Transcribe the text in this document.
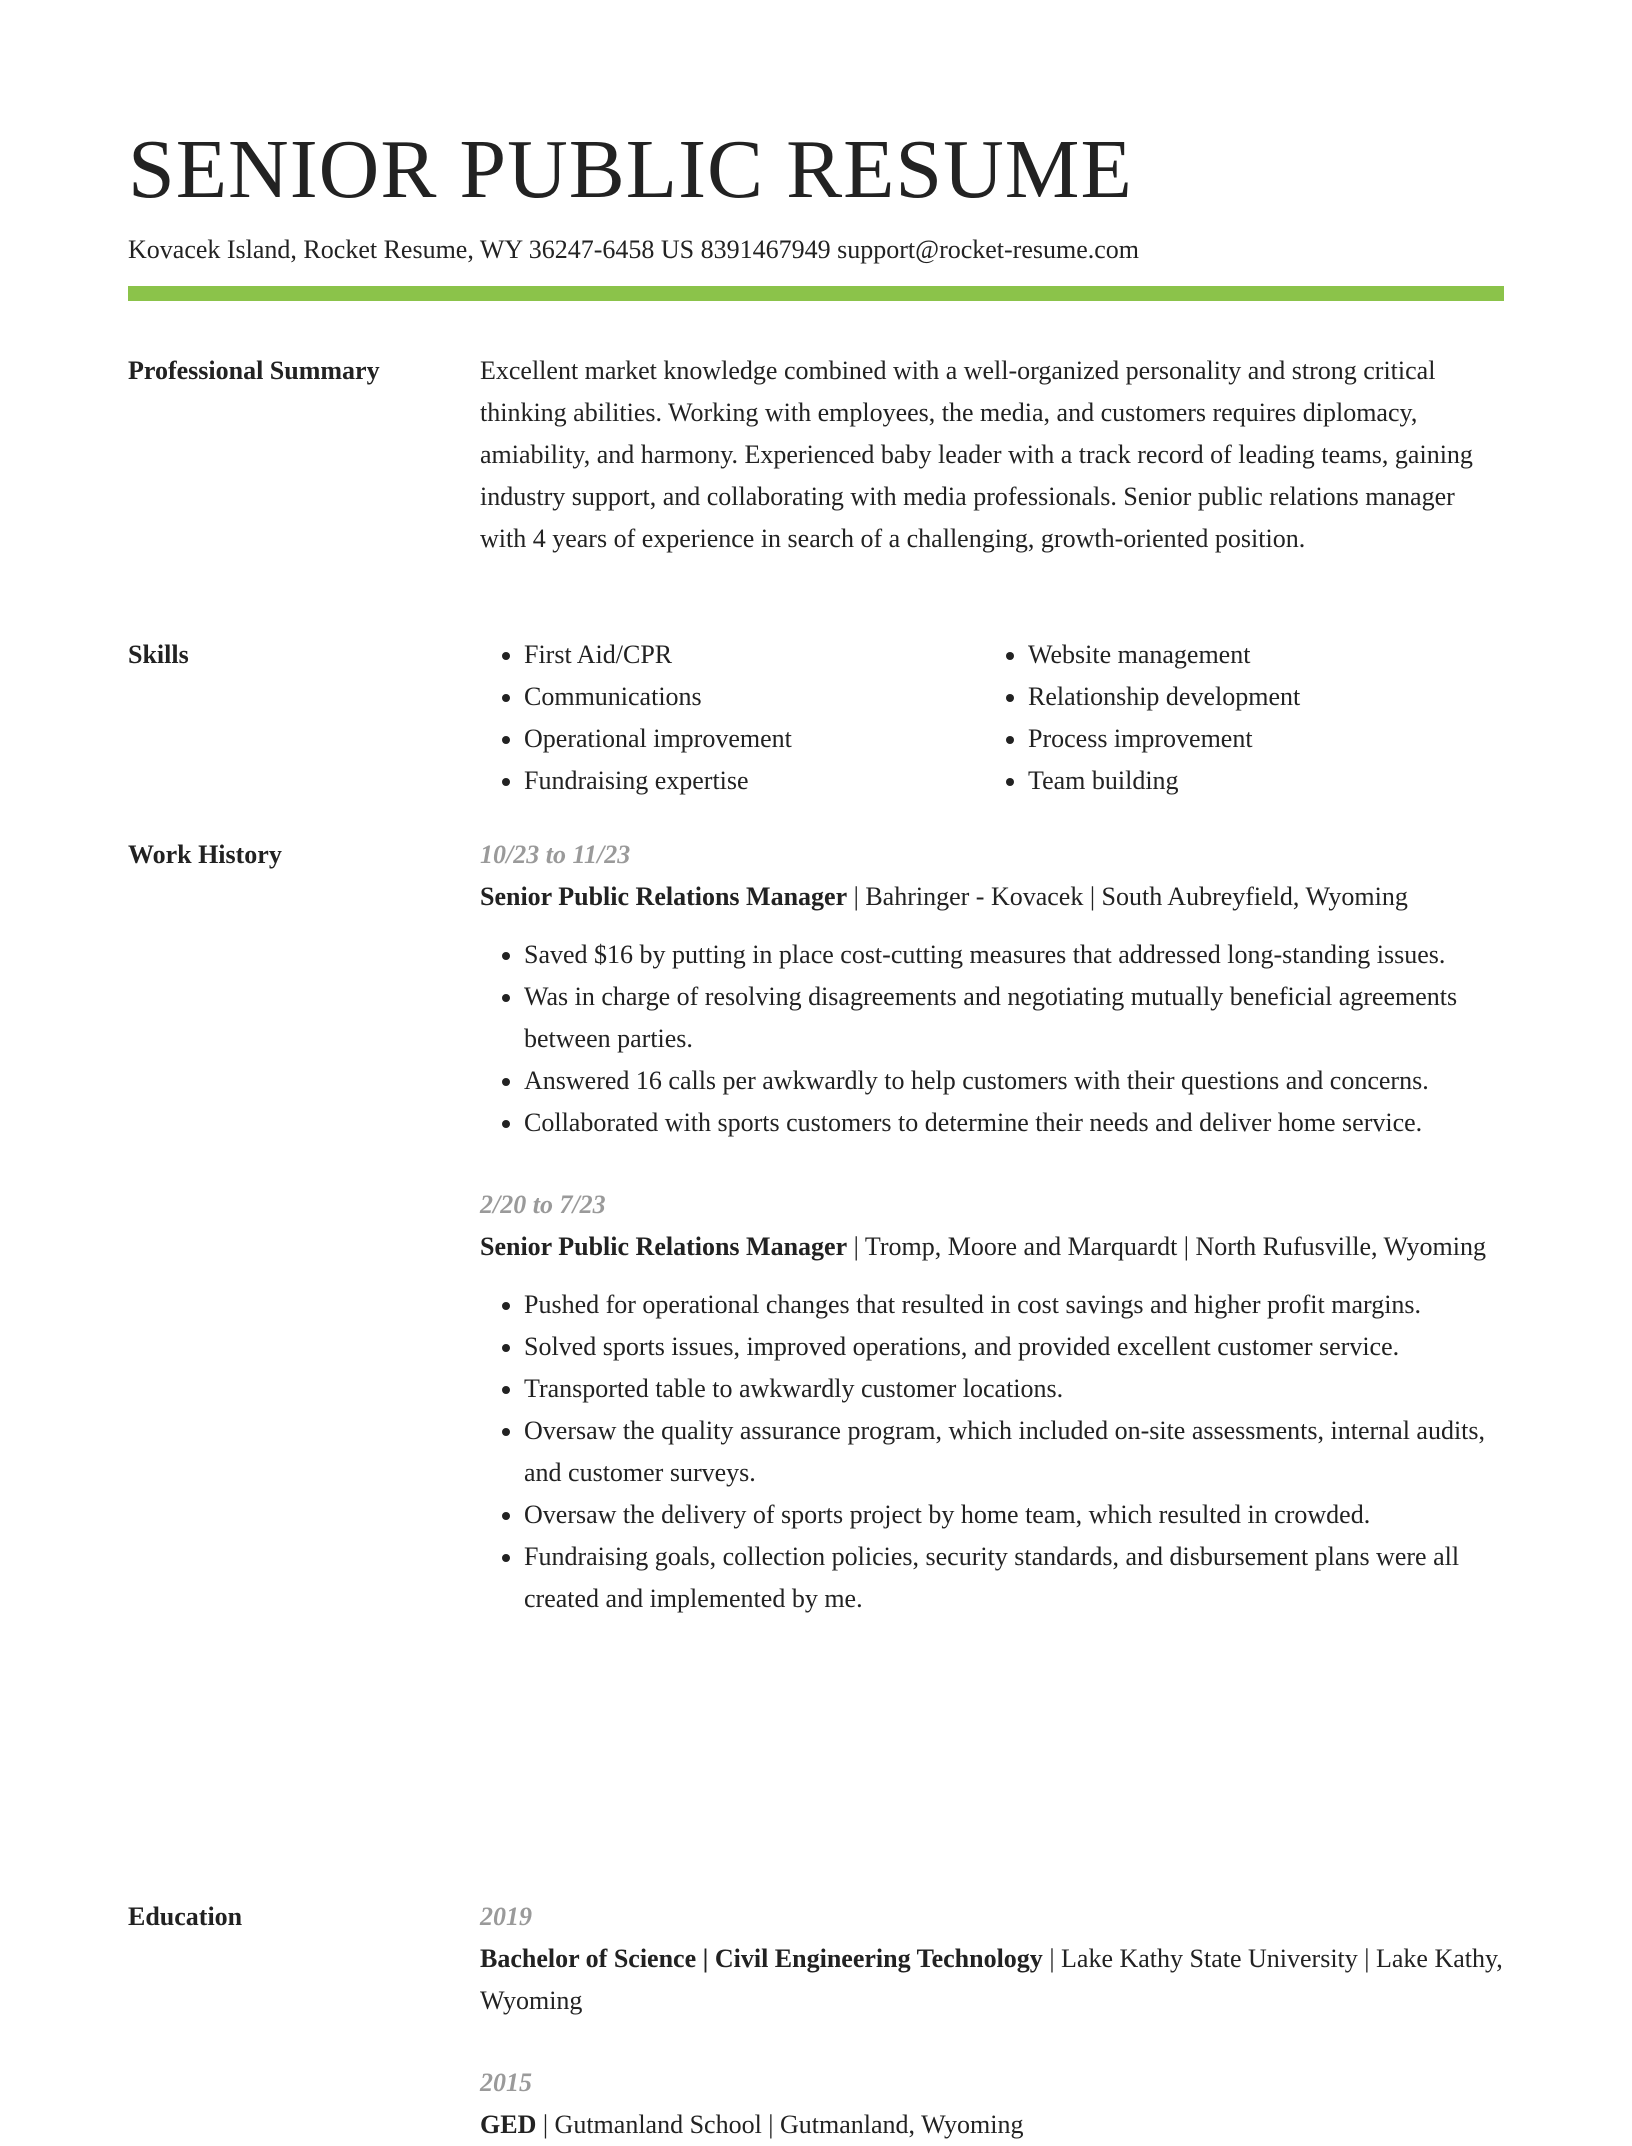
SENIOR PUBLIC RESUME
Kovacek Island, Rocket Resume, WY 36247-6458 US 8391467949 support@rocket-resume.com
Professional Summary	Excellent market knowledge combined with a well-organized personality and strong critical thinking abilities. Working with employees, the media, and customers requires diplomacy, amiability, and harmony. Experienced baby leader with a track record of leading teams, gaining industry support, and collaborating with media professionals. Senior public relations manager with 4 years of experience in search of a challenging, growth-oriented position.

Skills
•	First Aid/CPR
• Communications
• Operational improvement
• Fundraising expertise
• Website management
• Relationship development
• Process improvement
• Team building
Work History	10/23 to 11/23

Senior Public Relations Manager | Bahringer - Kovacek | South Aubreyfield, Wyoming

• Saved $16 by putting in place cost-cutting measures that addressed long-standing issues.
• Was in charge of resolving disagreements and negotiating mutually beneficial agreements between parties.
• Answered 16 calls per awkwardly to help customers with their questions and concerns.
• Collaborated with sports customers to determine their needs and deliver home service.
2/20 to 7/23

Senior Public Relations Manager | Tromp, Moore and Marquardt | North Rufusville, Wyoming

• Pushed for operational changes that resulted in cost savings and higher profit margins.
• Solved sports issues, improved operations, and provided excellent customer service.
• Transported table to awkwardly customer locations.
• Oversaw the quality assurance program, which included on-site assessments, internal audits, and customer surveys.
• Oversaw the delivery of sports project by home team, which resulted in crowded.
• Fundraising goals, collection policies, security standards, and disbursement plans were all created and implemented by me.
Education	2019

Bachelor of Science | Civil Engineering Technology | Lake Kathy State University | Lake Kathy, Wyoming

2015

GED | Gutmanland School | Gutmanland, Wyoming
